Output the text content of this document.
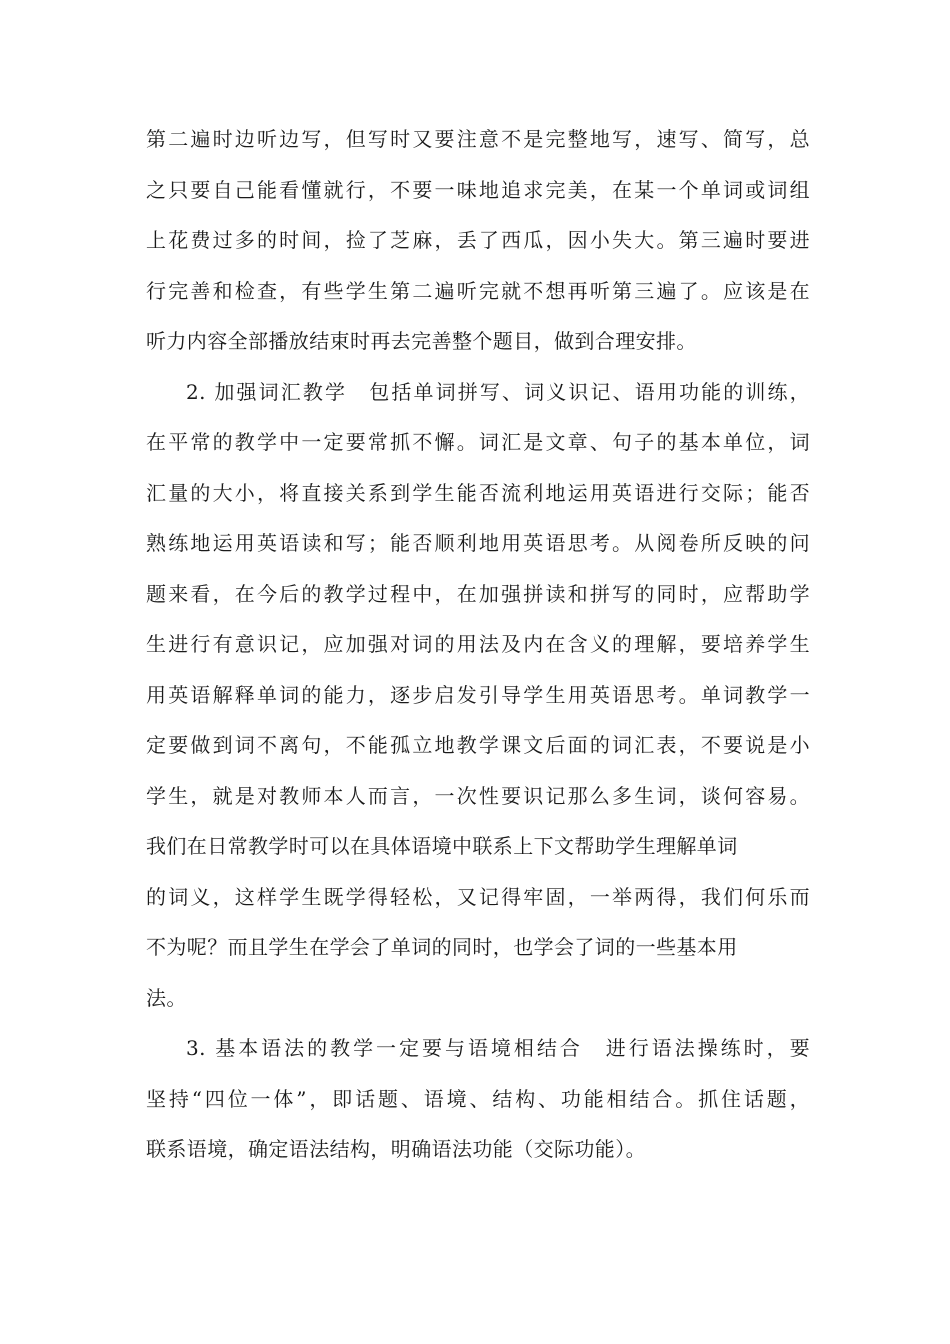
第二遍时边听边写，但写时又要注意不是完整地写，速写、简写，总
之只要自己能看懂就行，不要一味地追求完美，在某一个单词或词组
上花费过多的时间，捡了芝麻，丢了西瓜，因小失大。第三遍时要进
行完善和检查，有些学生第二遍听完就不想再听第三遍了。应该是在
听力内容全部播放结束时再去完善整个题目，做到合理安排。
2. 加强词汇教学　包括单词拼写、词义识记、语用功能的训练，
在平常的教学中一定要常抓不懈。词汇是文章、句子的基本单位，词
汇量的大小，将直接关系到学生能否流利地运用英语进行交际；能否
熟练地运用英语读和写；能否顺利地用英语思考。从阅卷所反映的问
题来看，在今后的教学过程中，在加强拼读和拼写的同时，应帮助学
生进行有意识记，应加强对词的用法及内在含义的理解，要培养学生
用英语解释单词的能力，逐步启发引导学生用英语思考。单词教学一
定要做到词不离句，不能孤立地教学课文后面的词汇表，不要说是小
学生，就是对教师本人而言，一次性要识记那么多生词，谈何容易。
我们在日常教学时可以在具体语境中联系上下文帮助学生理解单词
的词义，这样学生既学得轻松，又记得牢固，一举两得，我们何乐而
不为呢？而且学生在学会了单词的同时，也学会了词的一些基本用
法。
3. 基本语法的教学一定要与语境相结合　进行语法操练时，要
坚持“四位一体”，即话题、语境、结构、功能相结合。抓住话题，
联系语境，确定语法结构，明确语法功能（交际功能）。
